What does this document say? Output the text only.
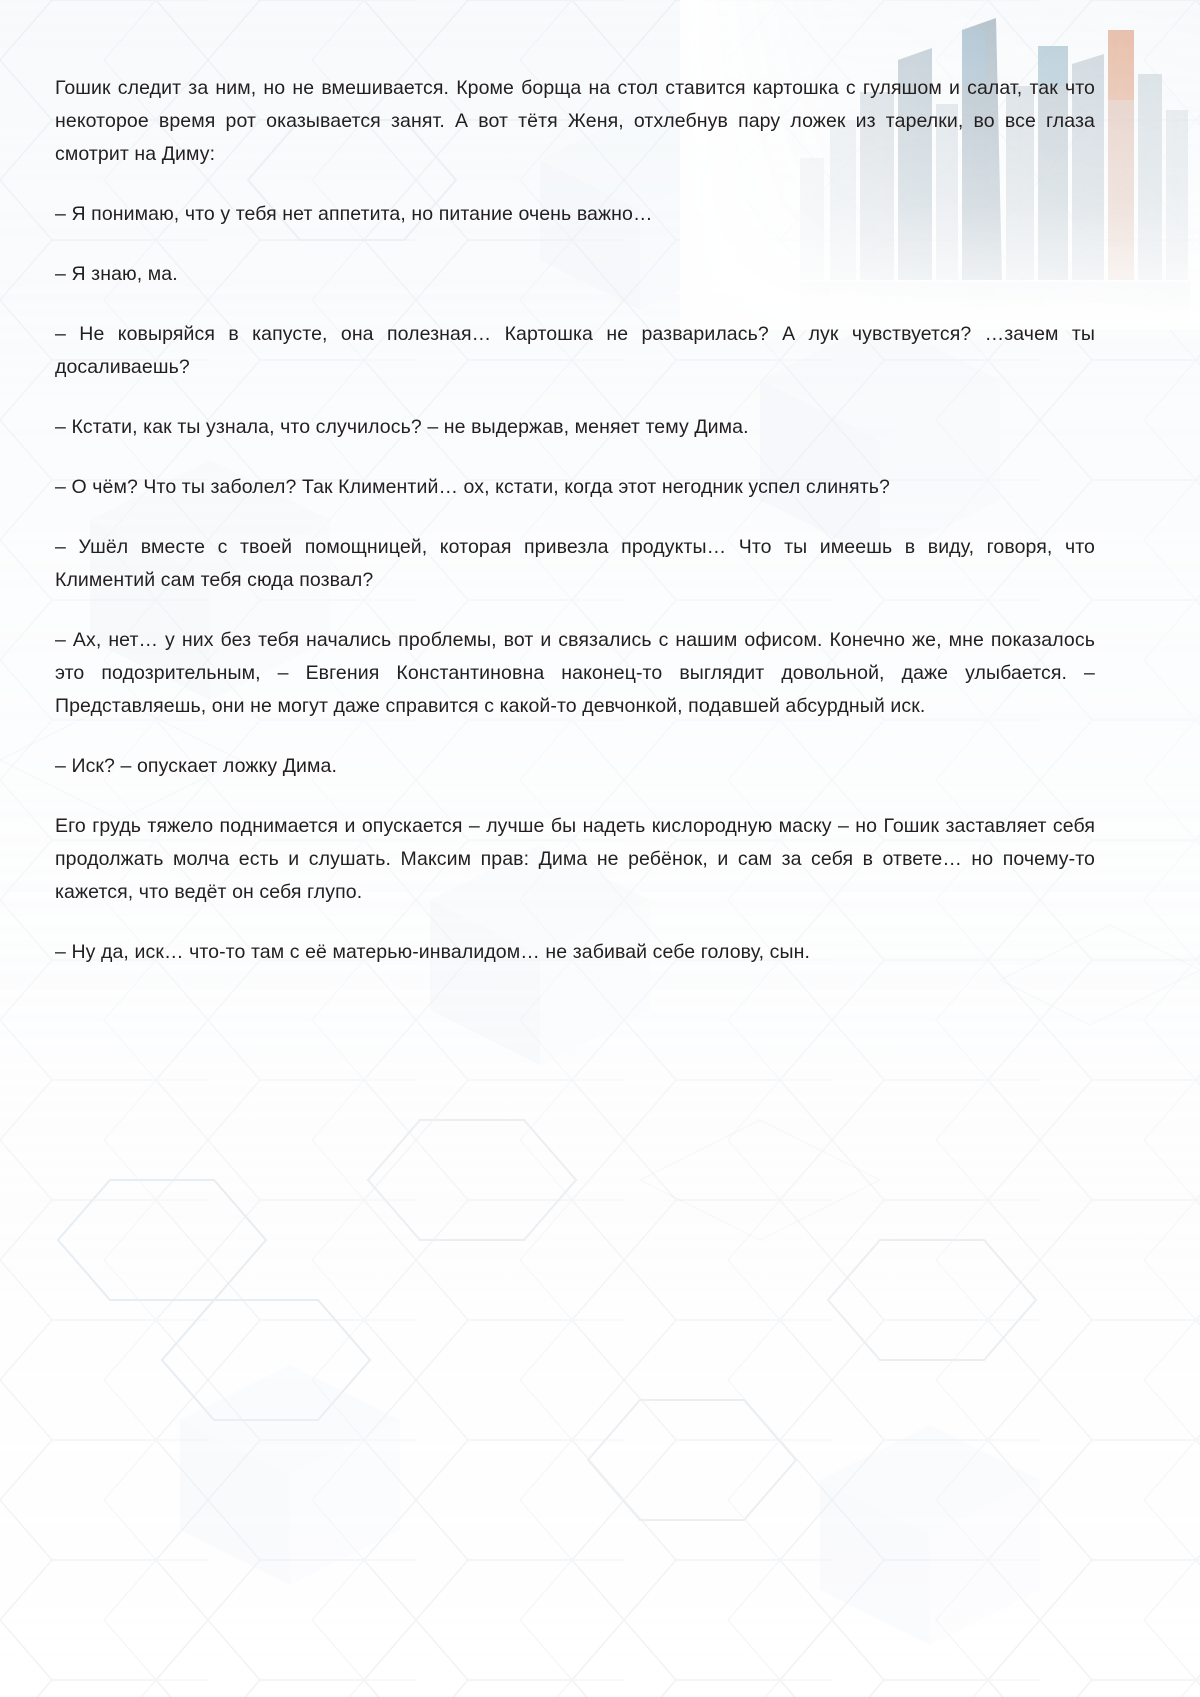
Гошик следит за ним, но не вмешивается. Кроме борща на стол ставится картошка с гуляшом и салат, так что некоторое время рот оказывается занят. А вот тётя Женя, отхлебнув пару ложек из тарелки, во все глаза смотрит на Диму:

– Я понимаю, что у тебя нет аппетита, но питание очень важно…

– Я знаю, ма.

– Не ковыряйся в капусте, она полезная… Картошка не разварилась? А лук чувствуется? …зачем ты досаливаешь?

– Кстати, как ты узнала, что случилось? – не выдержав, меняет тему Дима.

– О чём? Что ты заболел? Так Климентий… ох, кстати, когда этот негодник успел слинять?

– Ушёл вместе с твоей помощницей, которая привезла продукты… Что ты имеешь в виду, говоря, что Климентий сам тебя сюда позвал?

– Ах, нет… у них без тебя начались проблемы, вот и связались с нашим офисом. Конечно же, мне показалось это подозрительным, – Евгения Константиновна наконец-то выглядит довольной, даже улыбается. – Представляешь, они не могут даже справится с какой-то девчонкой, подавшей абсурдный иск.

– Иск? – опускает ложку Дима.

Его грудь тяжело поднимается и опускается – лучше бы надеть кислородную маску – но Гошик заставляет себя продолжать молча есть и слушать. Максим прав: Дима не ребёнок, и сам за себя в ответе… но почему-то кажется, что ведёт он себя глупо.

– Ну да, иск… что-то там с её матерью-инвалидом… не забивай себе голову, сын.
